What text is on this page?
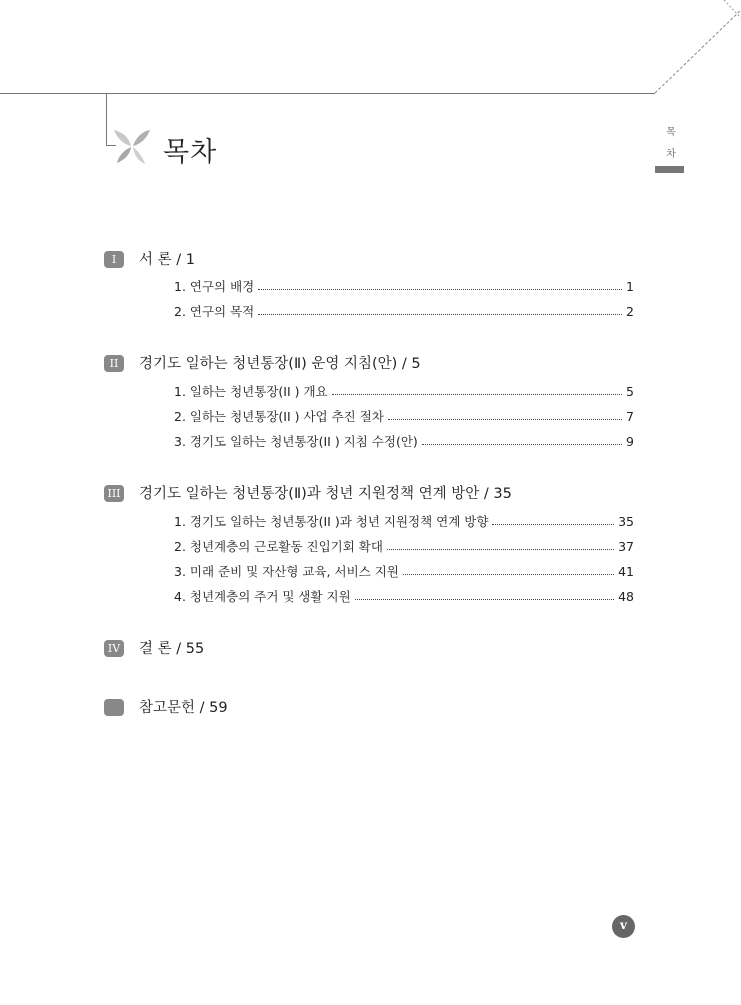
목차
목
차
I	서 론 / 1
1. 연구의 배경	1
2. 연구의 목적	2
II	경기도 일하는 청년통장(Ⅱ) 운영 지침(안) / 5
1. 일하는 청년통장(II ) 개요	5
2. 일하는 청년통장(II ) 사업 추진 절차	7
3. 경기도 일하는 청년통장(II ) 지침 수정(안)	9
III 경기도 일하는 청년통장(Ⅱ)과 청년 지원정책 연계 방안 / 35
1. 경기도 일하는 청년통장(II )과 청년 지원정책 연계 방향	35
2. 청년계층의 근로활동 진입기회 확대	37
3. 미래 준비 및 자산형 교육, 서비스 지원	41
4. 청년계층의 주거 및 생활 지원	48
IV 결 론 / 55
참고문헌 / 59
v
